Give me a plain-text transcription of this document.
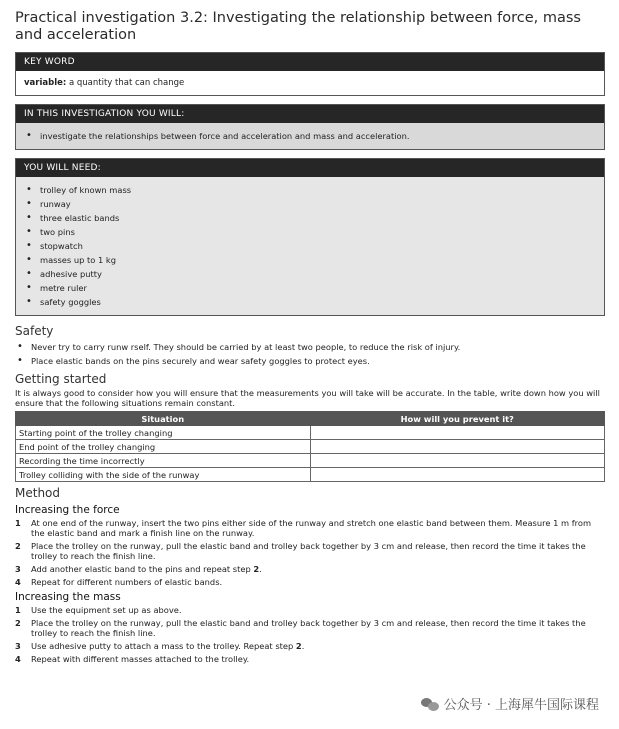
Practical investigation 3.2: Investigating the relationship between force, mass and acceleration
KEY WORD
variable: a quantity that can change
IN THIS INVESTIGATION YOU WILL:
• investigate the relationships between force and acceleration and mass and acceleration.
YOU WILL NEED:
• trolley of known mass
• runway
• three elastic bands
• two pins
• stopwatch
• masses up to 1 kg
• adhesive putty
• metre ruler
• safety goggles
Safety
• Never try to carry runw rself. They should be carried by at least two people, to reduce the risk of injury.
• Place elastic bands on the pins securely and wear safety goggles to protect eyes.
Getting started

It is always good to consider how you will ensure that the measurements you will take will be accurate. In the table, write down how you will ensure that the following situations remain constant.

Situation	How will you prevent it?
Starting point of the trolley changing	
End point of the trolley changing	
Recording the time incorrectly	
Trolley colliding with the side of the runway	
Method
Increasing the force
1 At one end of the runway, insert the two pins either side of the runway and stretch one elastic band between them. Measure 1 m from the elastic band and mark a finish line on the runway.
2 Place the trolley on the runway, pull the elastic band and trolley back together by 3 cm and release, then record the time it takes the trolley to reach the finish line.
3 Add another elastic band to the pins and repeat step 2.
4 Repeat for different numbers of elastic bands.
Increasing the mass
1 Use the equipment set up as above.
2 Place the trolley on the runway, pull the elastic band and trolley back together by 3 cm and release, then record the time it takes the trolley to reach the finish line.
3 Use adhesive putty to attach a mass to the trolley. Repeat step 2.
4 Repeat with different masses attached to the trolley.
公众号 · 上海犀牛国际课程
